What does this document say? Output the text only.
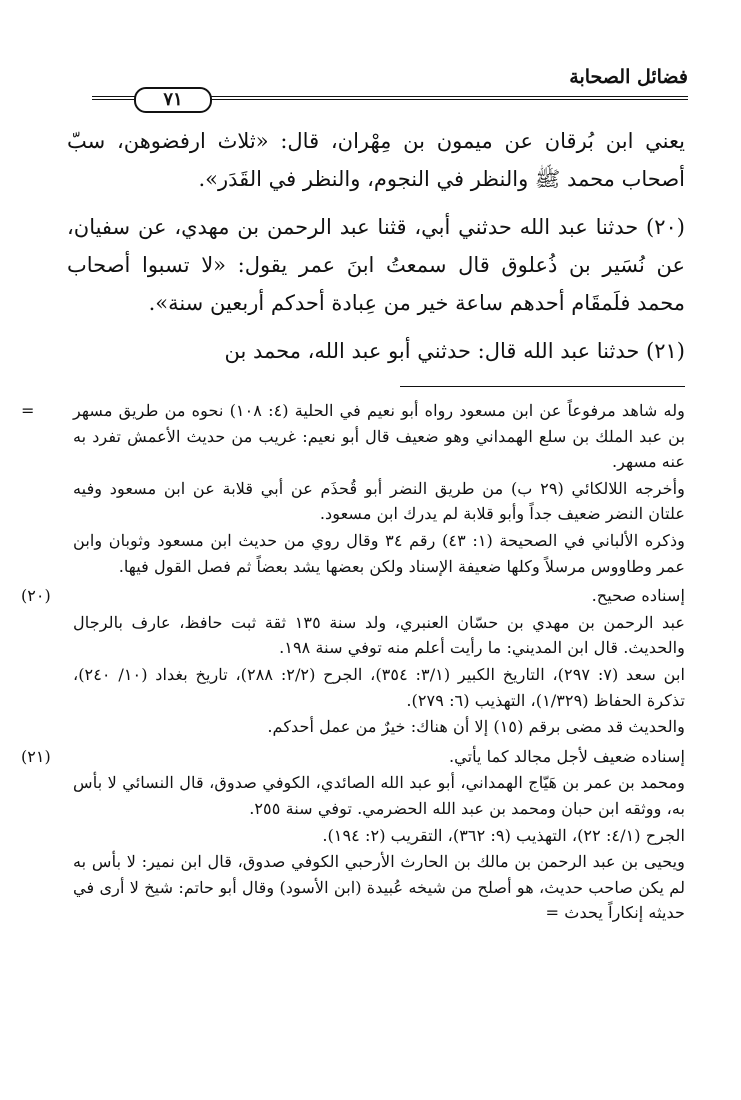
فضائل الصحابة
٧١

يعني ابن بُرقان عن ميمون بن مِهْران، قال: «ثلاث ارفضوهن، سبّ أصحاب محمد ﷺ والنظر في النجوم، والنظر في القَدَر».

(٢٠) حدثنا عبد الله حدثني أبي، قثنا عبد الرحمن بن مهدي، عن سفيان، عن نُسَير بن ذُعلوق قال سمعتُ ابنَ عمر يقول: «لا تسبوا أصحاب محمد فلَمقَام أحدهم ساعة خير من عِبادة أحدكم أربعين سنة».

(٢١) حدثنا عبد الله قال: حدثني أبو عبد الله، محمد بن

=	وله شاهد مرفوعاً عن ابن مسعود رواه أبو نعيم في الحلية (٤: ١٠٨) نحوه من طريق مسهر بن عبد الملك بن سلع الهمداني وهو ضعيف قال أبو نعيم: غريب من حديث الأعمش تفرد به عنه مسهر.

وأخرجه اللالكائي (٢٩ ب) من طريق النضر أبو قُحذَم عن أبي قلابة عن ابن مسعود وفيه علتان النضر ضعيف جداً وأبو قلابة لم يدرك ابن مسعود.

وذكره الألباني في الصحيحة (١: ٤٣) رقم ٣٤ وقال روي من حديث ابن مسعود وثوبان وابن عمر وطاووس مرسلاً وكلها ضعيفة الإسناد ولكن بعضها يشد بعضاً ثم فصل القول فيها.

(٢٠)	إسناده صحيح.

عبد الرحمن بن مهدي بن حسّان العنبري، ولد سنة ١٣٥ ثقة ثبت حافظ، عارف بالرجال والحديث. قال ابن المديني: ما رأيت أعلم منه توفي سنة ١٩٨.

ابن سعد (٧: ٢٩٧)، التاريخ الكبير (٣/١: ٣٥٤)، الجرح (٢/٢: ٢٨٨)، تاريخ بغداد (١٠/ ٢٤٠)، تذكرة الحفاظ (١/٣٢٩)، التهذيب (٦: ٢٧٩).

والحديث قد مضى برقم (١٥) إلا أن هناك: خيرٌ من عمل أحدكم.

(٢١)	إسناده ضعيف لأجل مجالد كما يأتي.

ومحمد بن عمر بن هَيّاج الهمداني، أبو عبد الله الصائدي، الكوفي صدوق، قال النسائي لا بأس به، ووثقه ابن حبان ومحمد بن عبد الله الحضرمي. توفي سنة ٢٥٥.

الجرح (٤/١: ٢٢)، التهذيب (٩: ٣٦٢)، التقريب (٢: ١٩٤).

ويحيى بن عبد الرحمن بن مالك بن الحارث الأرحبي الكوفي صدوق، قال ابن نمير: لا بأس به لم يكن صاحب حديث، هو أصلح من شيخه عُبيدة (ابن الأسود) وقال أبو حاتم: شيخ لا أرى في حديثه إنكاراً يحدث =
